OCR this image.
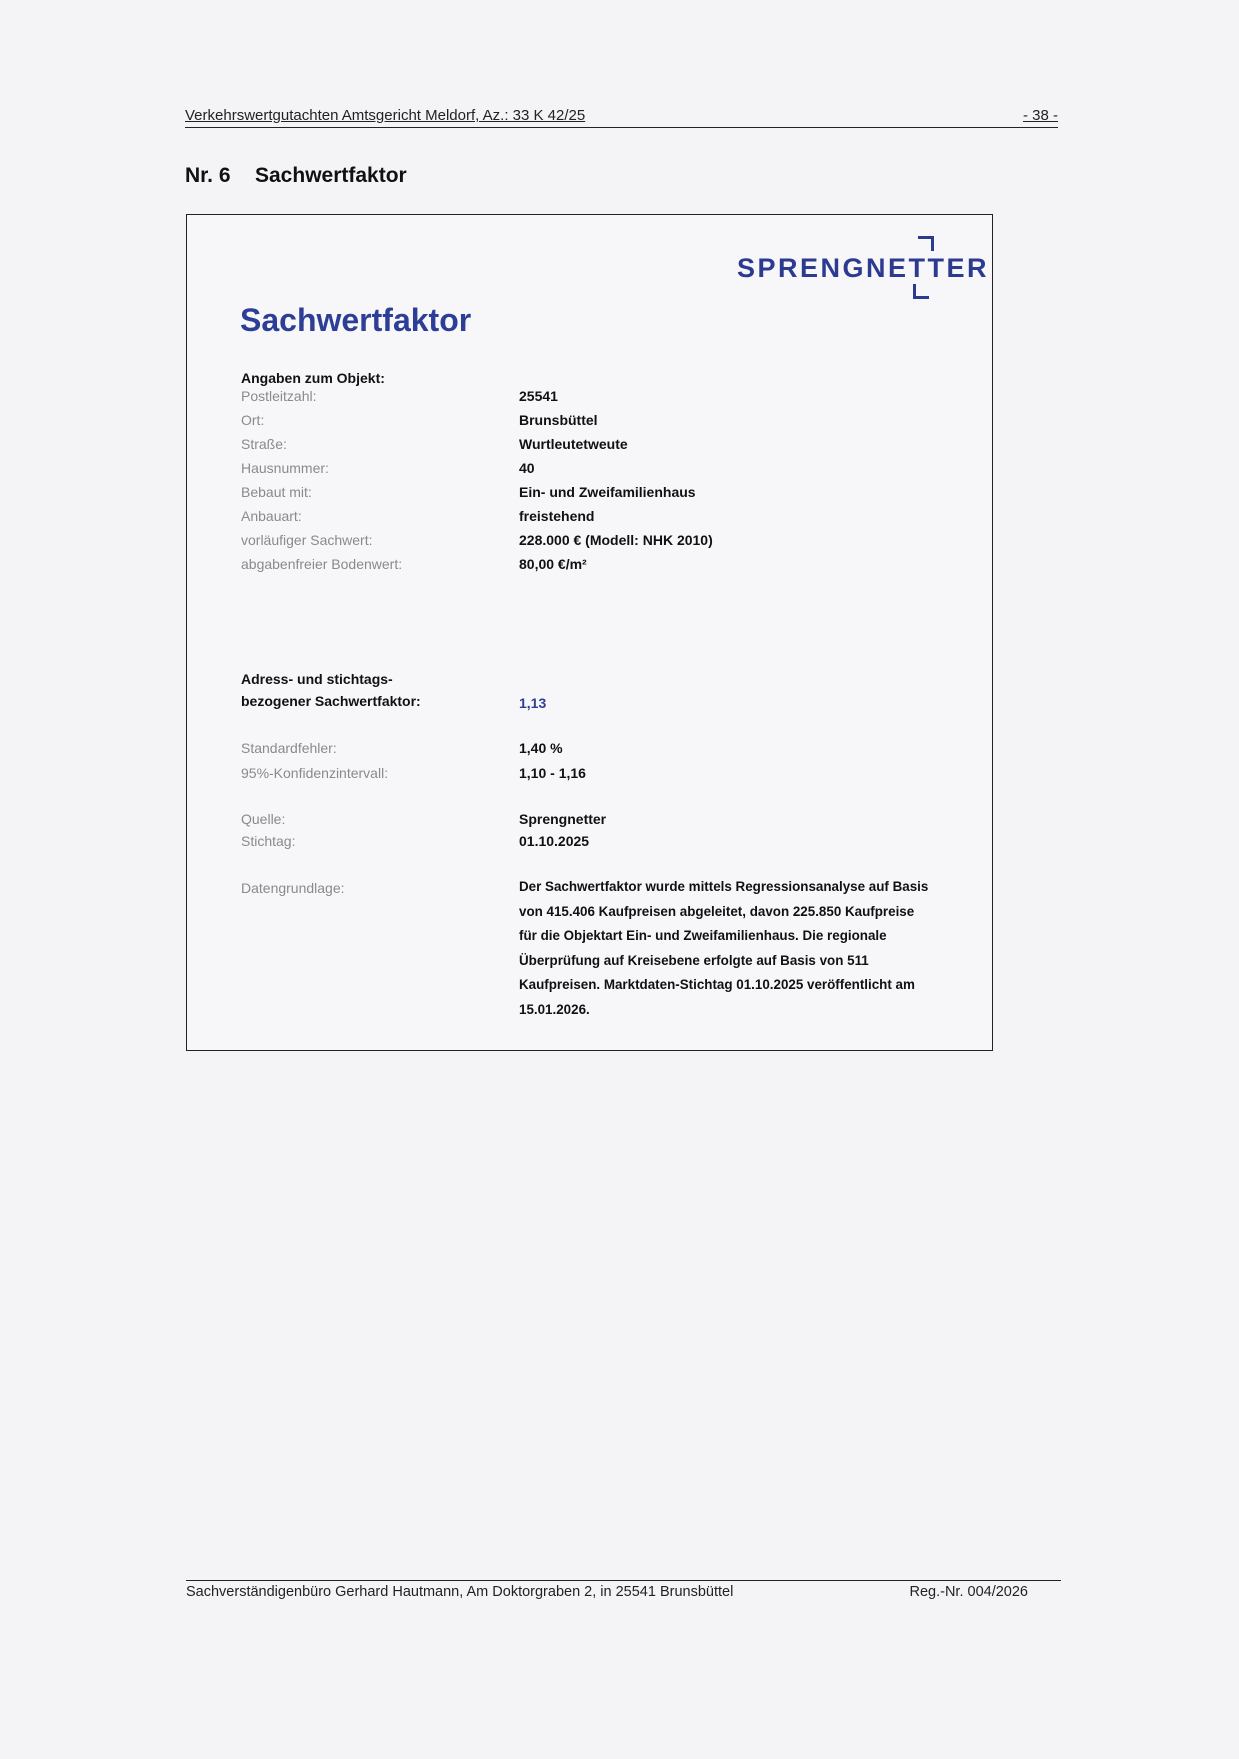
Verkehrswertgutachten Amtsgericht Meldorf, Az.: 33 K 42/25	- 38 -
Nr. 6 Sachwertfaktor
SPRENGNETTER
Sachwertfaktor
Angaben zum Objekt:
Postleitzahl:	25541
Ort:	Brunsbüttel
Straße:	Wurtleutetweute
Hausnummer:	40
Bebaut mit:	Ein- und Zweifamilienhaus
Anbauart:	freistehend
vorläufiger Sachwert:	228.000 € (Modell: NHK 2010)
abgabenfreier Bodenwert:	80,00 €/m²
Adress- und stichtags-
bezogener Sachwertfaktor:	1,13
Standardfehler:	1,40 %
95%-Konfidenzintervall:	1,10 - 1,16
Quelle:	Sprengnetter
Stichtag:	01.10.2025
Datengrundlage:	Der Sachwertfaktor wurde mittels Regressionsanalyse auf Basis von 415.406 Kaufpreisen abgeleitet, davon 225.850 Kaufpreise für die Objektart Ein- und Zweifamilienhaus. Die regionale Überprüfung auf Kreisebene erfolgte auf Basis von 511 Kaufpreisen. Marktdaten-Stichtag 01.10.2025 veröffentlicht am 15.01.2026.
Sachverständigenbüro Gerhard Hautmann, Am Doktorgraben 2, in 25541 Brunsbüttel	Reg.-Nr. 004/2026
